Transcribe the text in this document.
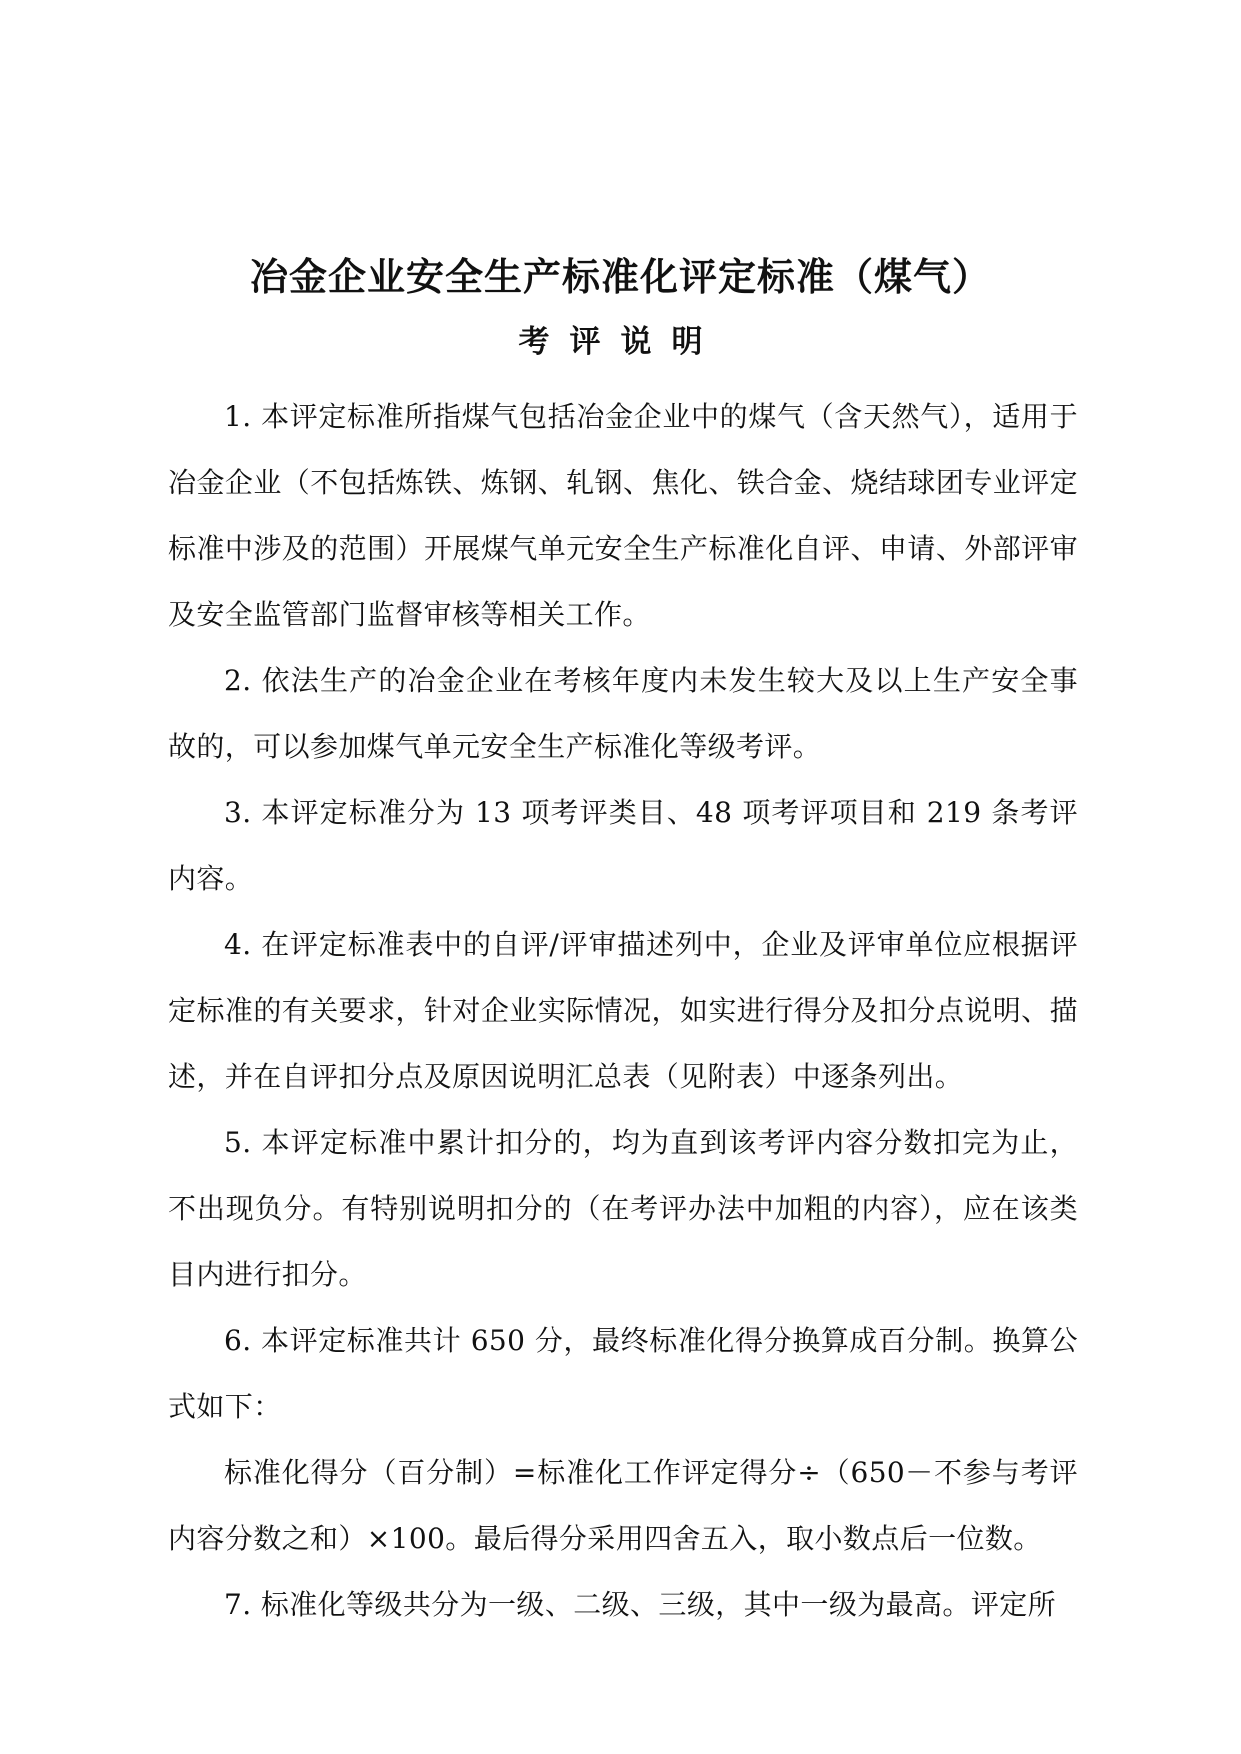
冶金企业安全生产标准化评定标准（煤气）
考评说明

1. 本评定标准所指煤气包括冶金企业中的煤气（含天然气），适用于冶金企业（不包括炼铁、炼钢、轧钢、焦化、铁合金、烧结球团专业评定标准中涉及的范围）开展煤气单元安全生产标准化自评、申请、外部评审及安全监管部门监督审核等相关工作。

2. 依法生产的冶金企业在考核年度内未发生较大及以上生产安全事故的，可以参加煤气单元安全生产标准化等级考评。

3. 本评定标准分为 13 项考评类目、48 项考评项目和 219 条考评内容。

4. 在评定标准表中的自评/评审描述列中，企业及评审单位应根据评定标准的有关要求，针对企业实际情况，如实进行得分及扣分点说明、描述，并在自评扣分点及原因说明汇总表（见附表）中逐条列出。

5. 本评定标准中累计扣分的，均为直到该考评内容分数扣完为止，不出现负分。有特别说明扣分的（在考评办法中加粗的内容），应在该类目内进行扣分。

6. 本评定标准共计 650 分，最终标准化得分换算成百分制。换算公式如下：

标准化得分（百分制）=标准化工作评定得分÷（650－不参与考评内容分数之和）×100。最后得分采用四舍五入，取小数点后一位数。

7. 标准化等级共分为一级、二级、三级，其中一级为最高。评定所
